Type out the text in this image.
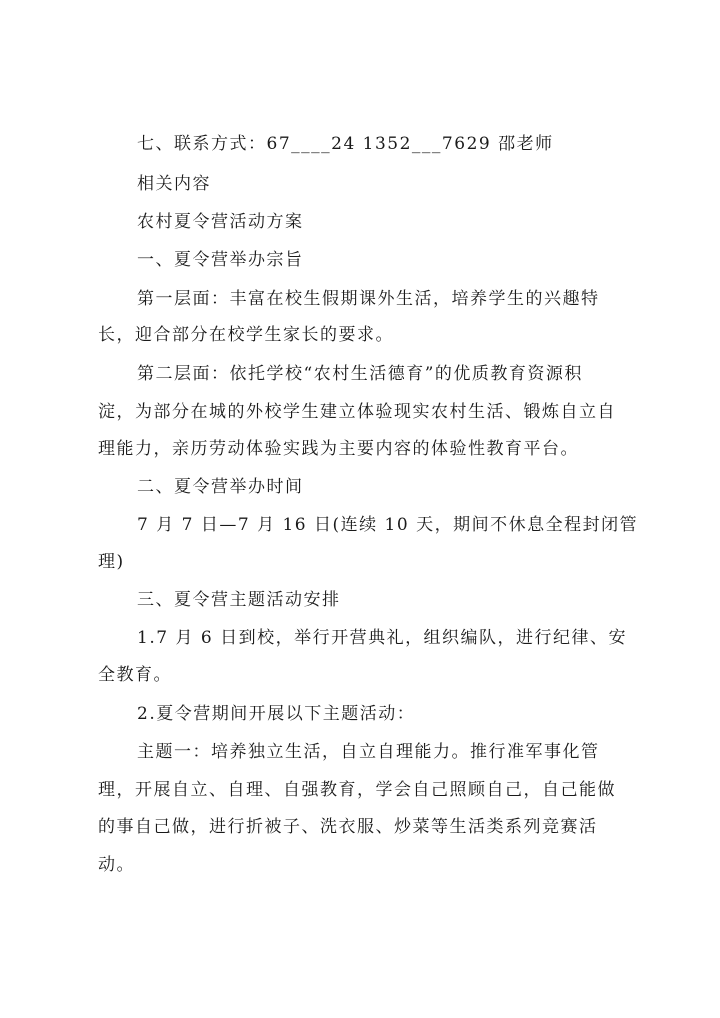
七、联系方式：67____24 1352___7629 邵老师
相关内容
农村夏令营活动方案
一、夏令营举办宗旨
第一层面：丰富在校生假期课外生活，培养学生的兴趣特
长，迎合部分在校学生家长的要求。
第二层面：依托学校“农村生活德育”的优质教育资源积
淀，为部分在城的外校学生建立体验现实农村生活、锻炼自立自
理能力，亲历劳动体验实践为主要内容的体验性教育平台。
二、夏令营举办时间
7 月 7 日—7 月 16 日(连续 10 天，期间不休息全程封闭管
理)
三、夏令营主题活动安排
1.7 月 6 日到校，举行开营典礼，组织编队，进行纪律、安
全教育。
2.夏令营期间开展以下主题活动：
主题一：培养独立生活，自立自理能力。推行准军事化管
理，开展自立、自理、自强教育，学会自己照顾自己，自己能做
的事自己做，进行折被子、洗衣服、炒菜等生活类系列竞赛活
动。
